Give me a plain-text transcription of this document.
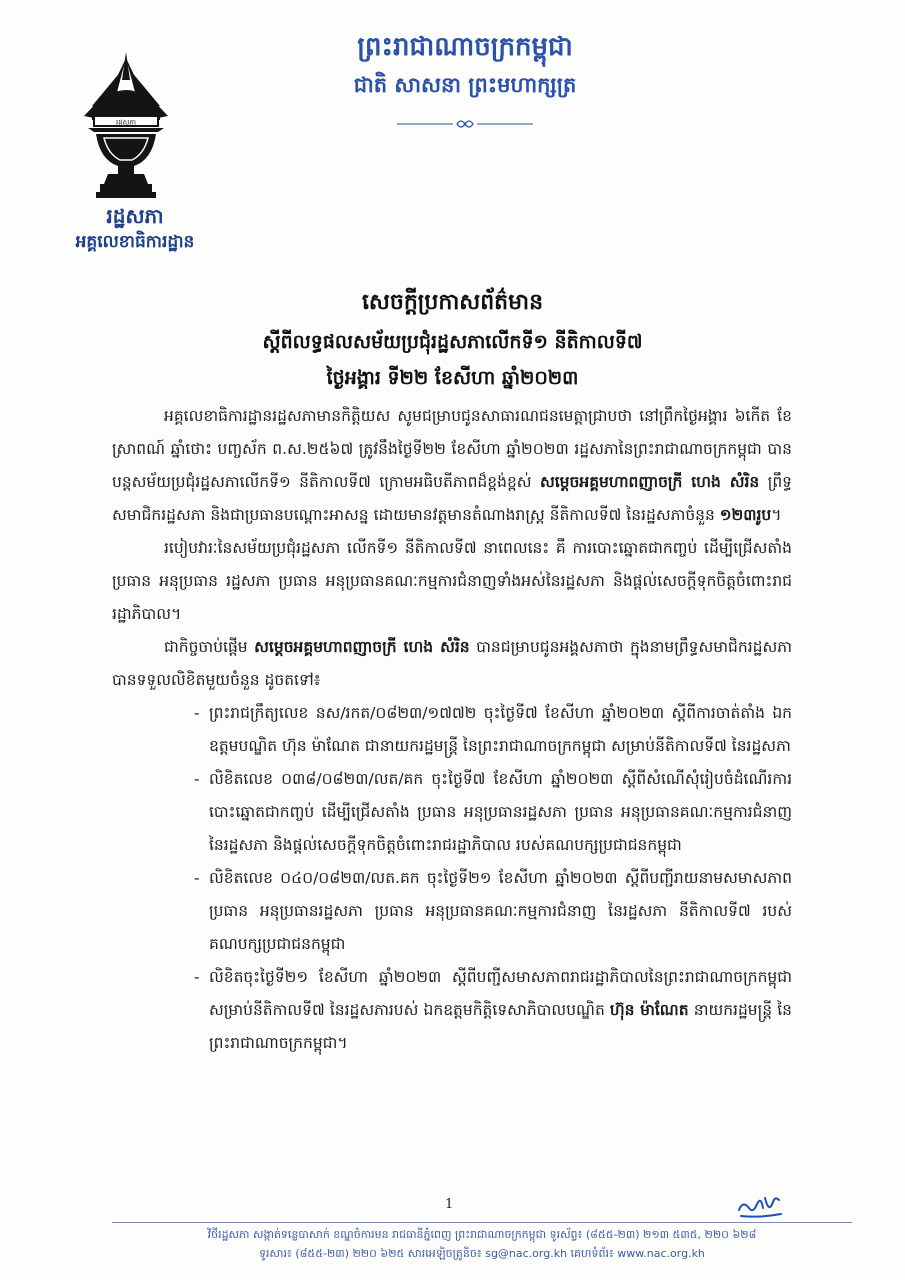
រដ្ឋសភា
រដ្ឋសភា
អគ្គលេខាធិការដ្ឋាន
ព្រះរាជាណាចក្រកម្ពុជា
ជាតិ សាសនា ព្រះមហាក្សត្រ
សេចក្តីប្រកាសព័ត៌មាន
ស្តីពីលទ្ធផលសម័យប្រជុំរដ្ឋសភាលើកទី១ នីតិកាលទី៧
ថ្ងៃអង្គារ ទី២២ ខែសីហា ឆ្នាំ២០២៣

អគ្គលេខាធិការដ្ឋានរដ្ឋសភាមានកិត្តិយស សូមជម្រាបជូនសាធារណជនមេត្តាជ្រាបថា នៅព្រឹកថ្ងៃអង្គារ ៦កើត ខែស្រាពណ៍ ឆ្នាំថោះ បញ្ចស័ក ព.ស.២៥៦៧ ត្រូវនឹងថ្ងៃទី២២ ខែសីហា ឆ្នាំ២០២៣ រដ្ឋសភានៃព្រះរាជាណាចក្រកម្ពុជា បានបន្តសម័យប្រជុំរដ្ឋសភាលើកទី១ នីតិកាលទី៧ ក្រោមអធិបតីភាពដ៏ខ្ពង់ខ្ពស់ សម្តេចអគ្គមហាពញាចក្រី ហេង សំរិន ព្រឹទ្ធសមាជិករដ្ឋសភា និងជាប្រធានបណ្តោះអាសន្ន ដោយមានវត្តមានតំណាងរាស្ត្រ នីតិកាលទី៧ នៃរដ្ឋសភាចំនួន ១២៣រូប។

របៀបវារៈនៃសម័យប្រជុំរដ្ឋសភា លើកទី១ នីតិកាលទី៧ នាពេលនេះ គឺ ការបោះឆ្នោតជាកញ្ចប់ ដើម្បីជ្រើសតាំងប្រធាន អនុប្រធាន រដ្ឋសភា ប្រធាន អនុប្រធានគណៈកម្មការជំនាញទាំងអស់នៃរដ្ឋសភា និងផ្តល់សេចក្តីទុកចិត្តចំពោះរាជរដ្ឋាភិបាល។

ជាកិច្ចចាប់ផ្តើម សម្តេចអគ្គមហាពញាចក្រី ហេង សំរិន បានជម្រាបជូនអង្គសភាថា ក្នុងនាមព្រឹទ្ធសមាជិករដ្ឋសភាបានទទួលលិខិតមួយចំនួន ដូចតទៅ៖

- ព្រះរាជក្រឹត្យលេខ នស/រកត/០៨២៣/១៧៧២ ចុះថ្ងៃទី៧ ខែសីហា ឆ្នាំ២០២៣ ស្តីពីការចាត់តាំង ឯកឧត្តមបណ្ឌិត ហ៊ុន ម៉ាណែត ជានាយករដ្ឋមន្ត្រី នៃព្រះរាជាណាចក្រកម្ពុជា សម្រាប់នីតិកាលទី៧ នៃរដ្ឋសភា
- លិខិតលេខ ០៣៨/០៨២៣/លត/គក ចុះថ្ងៃទី៧ ខែសីហា ឆ្នាំ២០២៣ ស្តីពីសំណើសុំរៀបចំដំណើរការបោះឆ្នោតជាកញ្ចប់ ដើម្បីជ្រើសតាំង ប្រធាន អនុប្រធានរដ្ឋសភា ប្រធាន អនុប្រធានគណៈកម្មការជំនាញនៃរដ្ឋសភា និងផ្តល់សេចក្តីទុកចិត្តចំពោះរាជរដ្ឋាភិបាល របស់គណបក្សប្រជាជនកម្ពុជា
- លិខិតលេខ ០៤០/០៨២៣/លត.គក ចុះថ្ងៃទី២១ ខែសីហា ឆ្នាំ២០២៣ ស្តីពីបញ្ជីរាយនាមសមាសភាពប្រធាន អនុប្រធានរដ្ឋសភា ប្រធាន អនុប្រធានគណៈកម្មការជំនាញ នៃរដ្ឋសភា នីតិកាលទី៧ របស់គណបក្សប្រជាជនកម្ពុជា
- លិខិតចុះថ្ងៃទី២១ ខែសីហា ឆ្នាំ២០២៣ ស្តីពីបញ្ជីសមាសភាពរាជរដ្ឋាភិបាលនៃព្រះរាជាណាចក្រកម្ពុជា សម្រាប់នីតិកាលទី៧ នៃរដ្ឋសភារបស់ ឯកឧត្តមកិត្តិទេសាភិបាលបណ្ឌិត ហ៊ុន ម៉ាណែត នាយករដ្ឋមន្ត្រី នៃព្រះរាជាណាចក្រកម្ពុជា។
1
វិថីរដ្ឋសភា សង្កាត់ទន្លេបាសាក់ ខណ្ឌចំការមន រាជធានីភ្នំពេញ ព្រះរាជាណាចក្រកម្ពុជា ទូរស័ព្ទ៖ (៨៥៥-២៣) ២១៣ ៥៣៥, ២២០ ៦២៨
ទូរសារ៖ (៨៥៥-២៣) ២២០ ៦២៥ សារអេឡិចត្រូនិច៖ sg@nac.org.kh គេហទំព័រ៖ www.nac.org.kh
